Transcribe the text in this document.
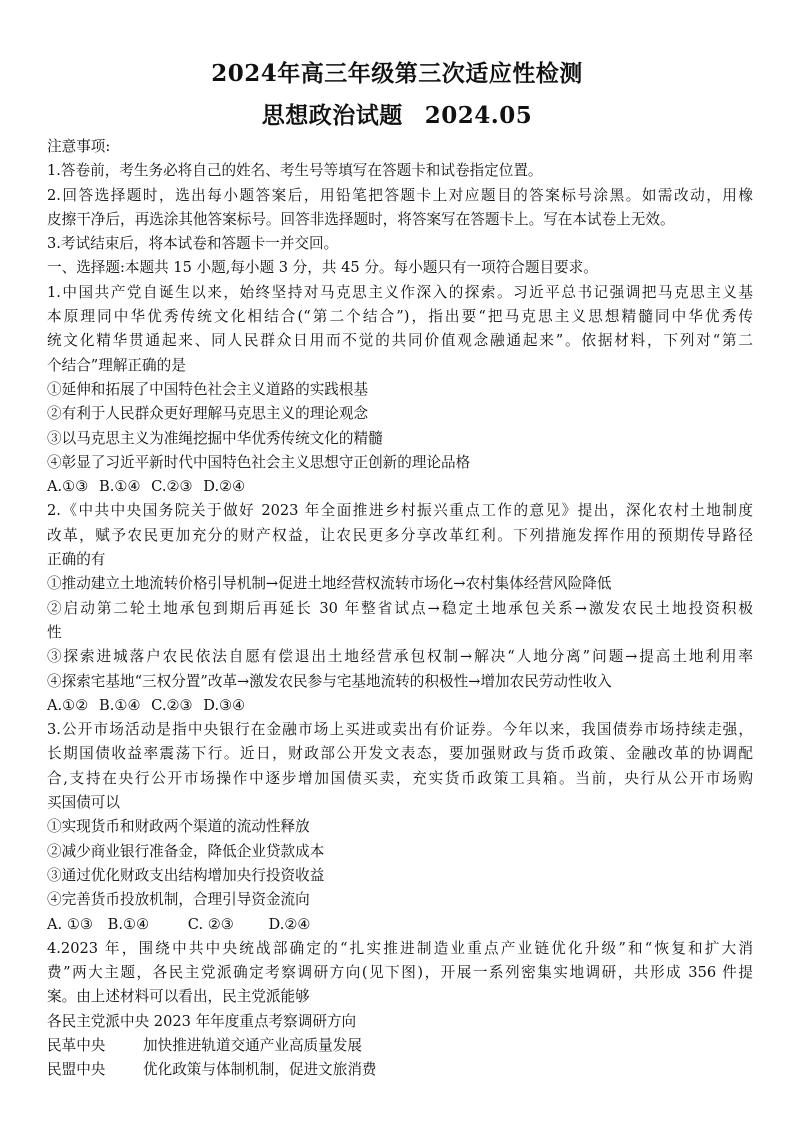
2024年高三年级第三次适应性检测
思想政治试题 2024.05
注意事项:
1.答卷前，考生务必将自己的姓名、考生号等填写在答题卡和试卷指定位置。
2.回答选择题时，选出每小题答案后，用铅笔把答题卡上对应题目的答案标号涂黑。如需改动，用橡
皮擦干净后，再选涂其他答案标号。回答非选择题时，将答案写在答题卡上。写在本试卷上无效。
3.考试结束后，将本试卷和答题卡一并交回。
一、选择题:本题共 15 小题,每小题 3 分，共 45 分。每小题只有一项符合题目要求。
1.中国共产党自诞生以来，始终坚持对马克思主义作深入的探索。习近平总书记强调把马克思主义基
本原理同中华优秀传统文化相结合(“第二个结合”)，指出要“把马克思主义思想精髓同中华优秀传
统文化精华贯通起来、同人民群众日用而不觉的共同价值观念融通起来”。依据材料，下列对“第二
个结合”理解正确的是
①延伸和拓展了中国特色社会主义道路的实践根基
②有利于人民群众更好理解马克思主义的理论观念
③以马克思主义为准绳挖掘中华优秀传统文化的精髓
④彰显了习近平新时代中国特色社会主义思想守正创新的理论品格
A.①③ B.①④ C.②③ D.②④
2.《中共中央国务院关于做好 2023 年全面推进乡村振兴重点工作的意见》提出，深化农村土地制度
改革，赋予农民更加充分的财产权益，让农民更多分享改革红利。下列措施发挥作用的预期传导路径
正确的有
①推动建立土地流转价格引导机制→促进土地经营权流转市场化→农村集体经营风险降低
②启动第二轮土地承包到期后再延长 30 年整省试点→稳定土地承包关系→激发农民土地投资积极
性
③探索进城落户农民依法自愿有偿退出土地经营承包权制→解决“人地分离”问题→提高土地利用率
④探索宅基地“三权分置”改革→激发农民参与宅基地流转的积极性→增加农民劳动性收入
A.①② B.①④ C.②③ D.③④
3.公开市场活动是指中央银行在金融市场上买进或卖出有价证券。今年以来，我国债券市场持续走强，
长期国债收益率震荡下行。近日，财政部公开发文表态，要加强财政与货币政策、金融改革的协调配
合,支持在央行公开市场操作中逐步增加国债买卖，充实货币政策工具箱。当前，央行从公开市场购
买国债可以
①实现货币和财政两个渠道的流动性释放
②减少商业银行准备金，降低企业贷款成本
③通过优化财政支出结构增加央行投资收益
④完善货币投放机制，合理引导资金流向
A. ①③ B.①④	C. ②③ D.②④
4.2023 年，围绕中共中央统战部确定的“扎实推进制造业重点产业链优化升级”和“恢复和扩大消
费”两大主题，各民主党派确定考察调研方向(见下图)，开展一系列密集实地调研，共形成 356 件提
案。由上述材料可以看出，民主党派能够
各民主党派中央 2023 年年度重点考察调研方向
民革中央	加快推进轨道交通产业高质量发展
民盟中央	优化政策与体制机制，促进文旅消费
